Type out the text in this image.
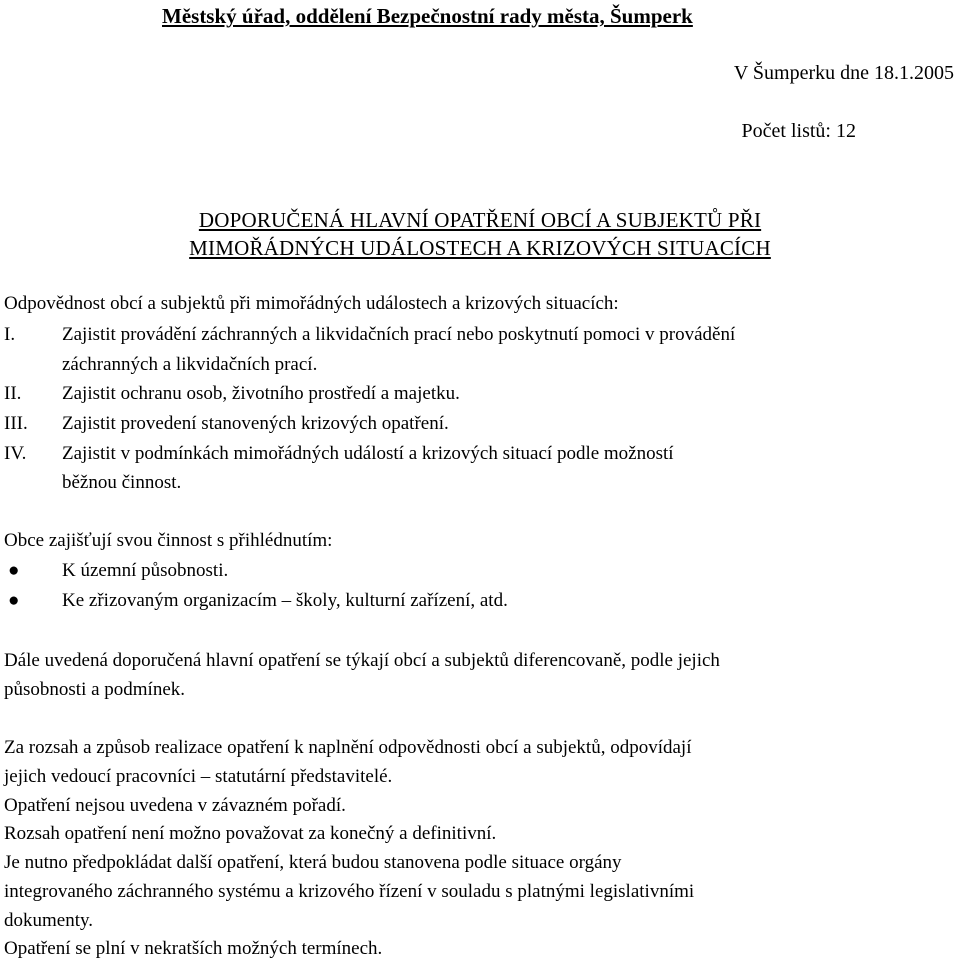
Městský úřad, oddělení Bezpečnostní rady města, Šumperk
V Šumperku dne 18.1.2005
Počet listů: 12
DOPORUČENÁ HLAVNÍ OPATŘENÍ OBCÍ A SUBJEKTŮ PŘI
MIMOŘÁDNÝCH UDÁLOSTECH A KRIZOVÝCH SITUACÍCH
Odpovědnost obcí a subjektů při mimořádných událostech a krizových situacích:
I. Zajistit provádění záchranných a likvidačních prací nebo poskytnutí pomoci v provádění
záchranných a likvidačních prací.
II. Zajistit ochranu osob, životního prostředí a majetku.
III. Zajistit provedení stanovených krizových opatření.
IV. Zajistit v podmínkách mimořádných událostí a krizových situací podle možností
běžnou činnost.
Obce zajišťují svou činnost s přihlédnutím:
● K územní působnosti.
● Ke zřizovaným organizacím – školy, kulturní zařízení, atd.
Dále uvedená doporučená hlavní opatření se týkají obcí a subjektů diferencovaně, podle jejich
působnosti a podmínek.
Za rozsah a způsob realizace opatření k naplnění odpovědnosti obcí a subjektů, odpovídají
jejich vedoucí pracovníci – statutární představitelé.
Opatření nejsou uvedena v závazném pořadí.
Rozsah opatření není možno považovat za konečný a definitivní.
Je nutno předpokládat další opatření, která budou stanovena podle situace orgány
integrovaného záchranného systému a krizového řízení v souladu s platnými legislativními
dokumenty.
Opatření se plní v nekratších možných termínech.
